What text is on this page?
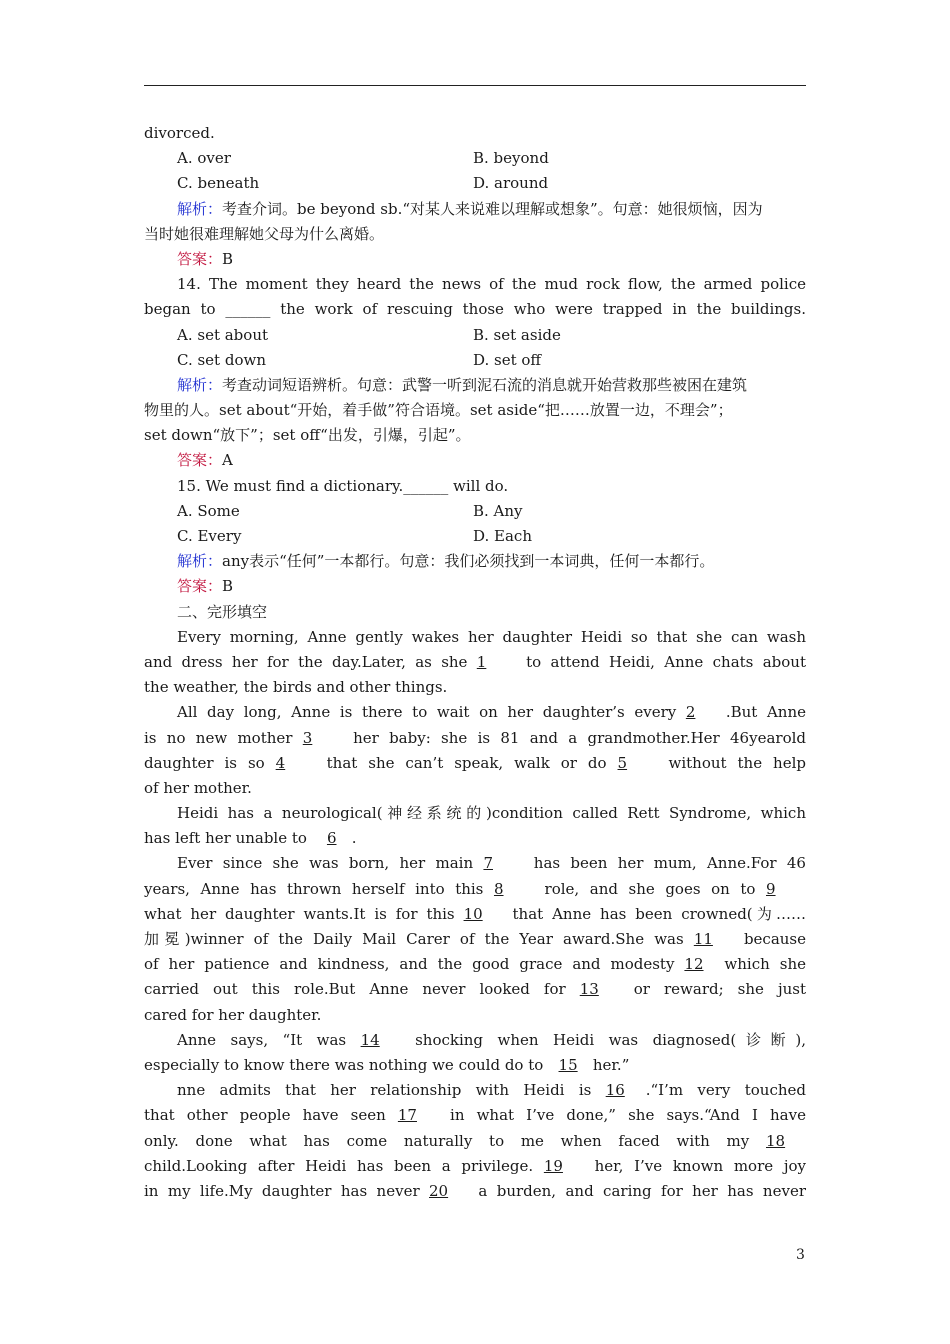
divorced.
A. over	B. beyond
C. beneath	D. around
解析：考查介词。be beyond sb.“对某人来说难以理解或想象”。句意：她很烦恼，因为
当时她很难理解她父母为什么离婚。
答案：B
14. The moment they heard the news of the mud rock flow, the armed police
began to ______ the work of rescuing those who were trapped in the buildings.
A. set about	B. set aside
C. set down	D. set off
解析：考查动词短语辨析。句意：武警一听到泥石流的消息就开始营救那些被困在建筑
物里的人。set about“开始，着手做”符合语境。set aside“把……放置一边，不理会”；
set down“放下”；set off“出发，引爆，引起”。
答案：A
15. We must find a dictionary.______ will do.
A. Some	B. Any
C. Every	D. Each
解析：any表示“任何”一本都行。句意：我们必须找到一本词典，任何一本都行。
答案：B
二、完形填空
Every morning, Anne gently wakes her daughter Heidi so that she can wash
and dress her for the day.Later, as she 1	to attend Heidi, Anne chats about
the weather, the birds and other things.
All day long, Anne is there to wait on her daughter’s every 2 .But Anne
is no new mother 3	her baby: she is 81 and a grandmother.Her 46yearold
daughter is so 4	that she can’t speak, walk or do 5	without the help
of her mother.
Heidi has a neurological(神经系统的)condition called Rett Syndrome, which
has left her unable to 6 .
Ever since she was born, her main 7	has been her mum, Anne.For 46
years, Anne has thrown herself into this 8	role, and she goes on to 9
what her daughter wants.It is for this 10 that Anne has been crowned(为……
加冕)winner of the Daily Mail Carer of the Year award.She was 11 because
of her patience and kindness, and the good grace and modesty 12 which she
carried out this role.But Anne never looked for 13 or reward; she just
cared for her daughter.
Anne says, “It was 14 shocking when Heidi was diagnosed(诊断),
especially to know there was nothing we could do to 15 her.”
nne admits that her relationship with Heidi is 16 .“I’m very touched
that other people have seen 17 in what I’ve done,” she says.“And I have
only. done what has come naturally to me when faced with my 18
child.Looking after Heidi has been a privilege. 19 her, I’ve known more joy
in my life.My daughter has never 20 a burden, and caring for her has never
3
